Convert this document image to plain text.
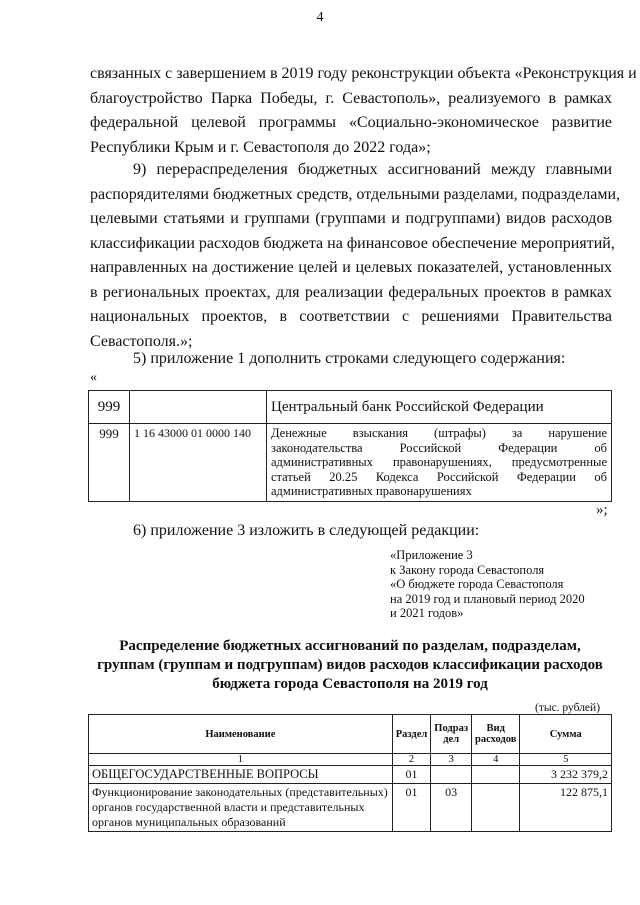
4
связанных с завершением в 2019 году реконструкции объекта «Реконструкция и
благоустройство Парка Победы, г. Севастополь», реализуемого в рамках
федеральной целевой программы «Социально-экономическое развитие
Республики Крым и г. Севастополя до 2022 года»;
9) перераспределения бюджетных ассигнований между главными
распорядителями бюджетных средств, отдельными разделами, подразделами,
целевыми статьями и группами (группами и подгруппами) видов расходов
классификации расходов бюджета на финансовое обеспечение мероприятий,
направленных на достижение целей и целевых показателей, установленных
в региональных проектах, для реализации федеральных проектов в рамках
национальных проектов, в соответствии с решениями Правительства
Севастополя.»;
5) приложение 1 дополнить строками следующего содержания:
«
999		Центральный банк Российской Федерации
999	1 16 43000 01 0000 140	Денежные взыскания (штрафы) за нарушение
законодательства Российской Федерации об
административных правонарушениях, предусмотренные
статьей 20.25 Кодекса Российской Федерации об
административных правонарушениях
»;
6) приложение 3 изложить в следующей редакции:
«Приложение 3
к Закону города Севастополя
«О бюджете города Севастополя
на 2019 год и плановый период 2020
и 2021 годов»
Распределение бюджетных ассигнований по разделам, подразделам,
группам (группам и подгруппам) видов расходов классификации расходов
бюджета города Севастополя на 2019 год
(тыс. рублей)
Наименование	Раздел	Подраз дел	Вид расходов	Сумма
1	2	3	4	5
ОБЩЕГОСУДАРСТВЕННЫЕ ВОПРОСЫ	01			3 232 379,2
Функционирование законодательных (представительных) органов государственной власти и представительных органов муниципальных образований	01	03		122 875,1
